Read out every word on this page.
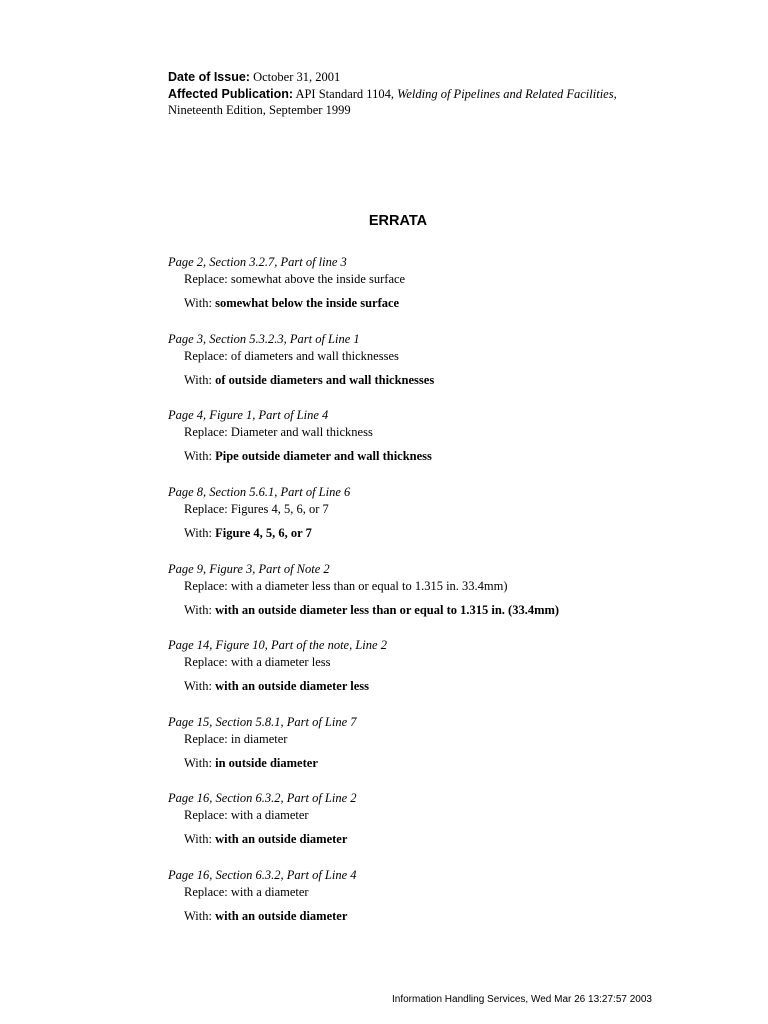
Date of Issue: October 31, 2001
Affected Publication: API Standard 1104, Welding of Pipelines and Related Facilities,
Nineteenth Edition, September 1999
ERRATA
Page 2, Section 3.2.7, Part of line 3
Replace: somewhat above the inside surface
With: somewhat below the inside surface
Page 3, Section 5.3.2.3, Part of Line 1
Replace: of diameters and wall thicknesses
With: of outside diameters and wall thicknesses
Page 4, Figure 1, Part of Line 4
Replace: Diameter and wall thickness
With: Pipe outside diameter and wall thickness
Page 8, Section 5.6.1, Part of Line 6
Replace: Figures 4, 5, 6, or 7
With: Figure 4, 5, 6, or 7
Page 9, Figure 3, Part of Note 2
Replace: with a diameter less than or equal to 1.315 in. 33.4mm)
With: with an outside diameter less than or equal to 1.315 in. (33.4mm)
Page 14, Figure 10, Part of the note, Line 2
Replace: with a diameter less
With: with an outside diameter less
Page 15, Section 5.8.1, Part of Line 7
Replace: in diameter
With: in outside diameter
Page 16, Section 6.3.2, Part of Line 2
Replace: with a diameter
With: with an outside diameter
Page 16, Section 6.3.2, Part of Line 4
Replace: with a diameter
With: with an outside diameter
Information Handling Services, Wed Mar 26 13:27:57 2003
